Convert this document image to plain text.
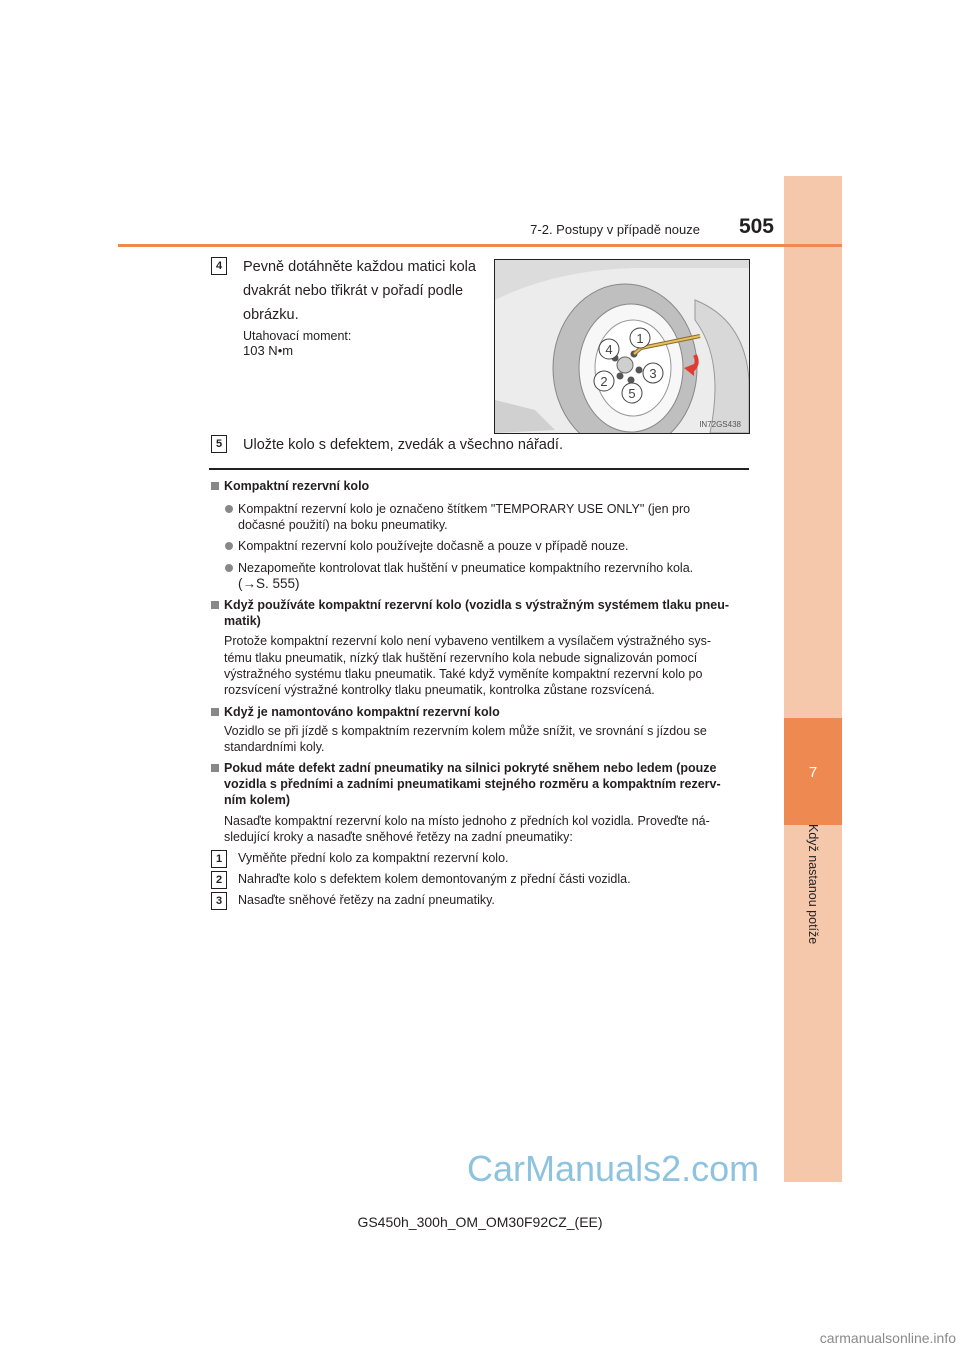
7
Když nastanou potíže
7-2. Postupy v případě nouze	505
4	Pevně dotáhněte každou matici kola
dvakrát nebo třikrát v pořadí podle
obrázku.
Utahovací moment:
103 N•m
1
4
3
2
5
IN72GS438
5	Uložte kolo s defektem, zvedák a všechno nářadí.
Kompaktní rezervní kolo
Kompaktní rezervní kolo je označeno štítkem "TEMPORARY USE ONLY" (jen pro
dočasné použití) na boku pneumatiky.
Kompaktní rezervní kolo používejte dočasně a pouze v případě nouze.
Nezapomeňte kontrolovat tlak huštění v pneumatice kompaktního rezervního kola.
(→S. 555)
Když používáte kompaktní rezervní kolo (vozidla s výstražným systémem tlaku pneu-
matik)
Protože kompaktní rezervní kolo není vybaveno ventilkem a vysílačem výstražného sys-
tému tlaku pneumatik, nízký tlak huštění rezervního kola nebude signalizován pomocí
výstražného systému tlaku pneumatik. Také když vyměníte kompaktní rezervní kolo po
rozsvícení výstražné kontrolky tlaku pneumatik, kontrolka zůstane rozsvícená.
Když je namontováno kompaktní rezervní kolo
Vozidlo se při jízdě s kompaktním rezervním kolem může snížit, ve srovnání s jízdou se
standardními koly.
Pokud máte defekt zadní pneumatiky na silnici pokryté sněhem nebo ledem (pouze
vozidla s předními a zadními pneumatikami stejného rozměru a kompaktním rezerv-
ním kolem)
Nasaďte kompaktní rezervní kolo na místo jednoho z předních kol vozidla. Proveďte ná-
sledující kroky a nasaďte sněhové řetězy na zadní pneumatiky:
1	Vyměňte přední kolo za kompaktní rezervní kolo.
2	Nahraďte kolo s defektem kolem demontovaným z přední části vozidla.
3	Nasaďte sněhové řetězy na zadní pneumatiky.
GS450h_300h_OM_OM30F92CZ_(EE)
CarManuals2.com
carmanualsonline.info
